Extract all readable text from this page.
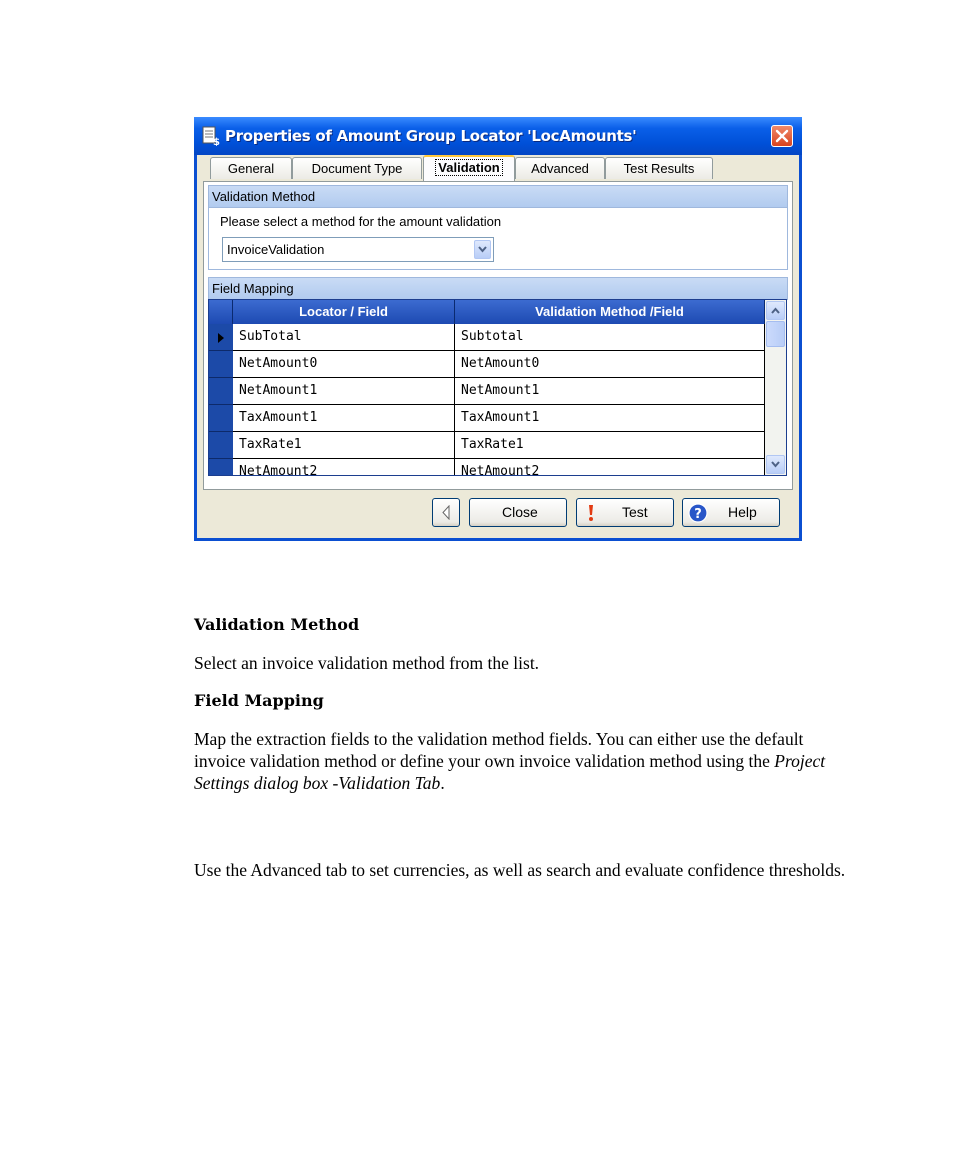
$ Properties of Amount Group Locator 'LocAmounts'
General	Document Type	Validation	Advanced	Test Results
Validation Method
Please select a method for the amount validation
InvoiceValidation
Field Mapping
Locator / Field	Validation Method /Field
SubTotal	Subtotal
NetAmount0	NetAmount0
NetAmount1	NetAmount1
TaxAmount1	TaxAmount1
TaxRate1	TaxRate1
NetAmount2	NetAmount2
Close	Test	? Help
Validation Method

Select an invoice validation method from the list.

Field Mapping

Map the extraction fields to the validation method fields. You can either use the default invoice validation method or define your own invoice validation method using the Project Settings dialog box -Validation Tab.

Use the Advanced tab to set currencies, as well as search and evaluate confidence thresholds.
